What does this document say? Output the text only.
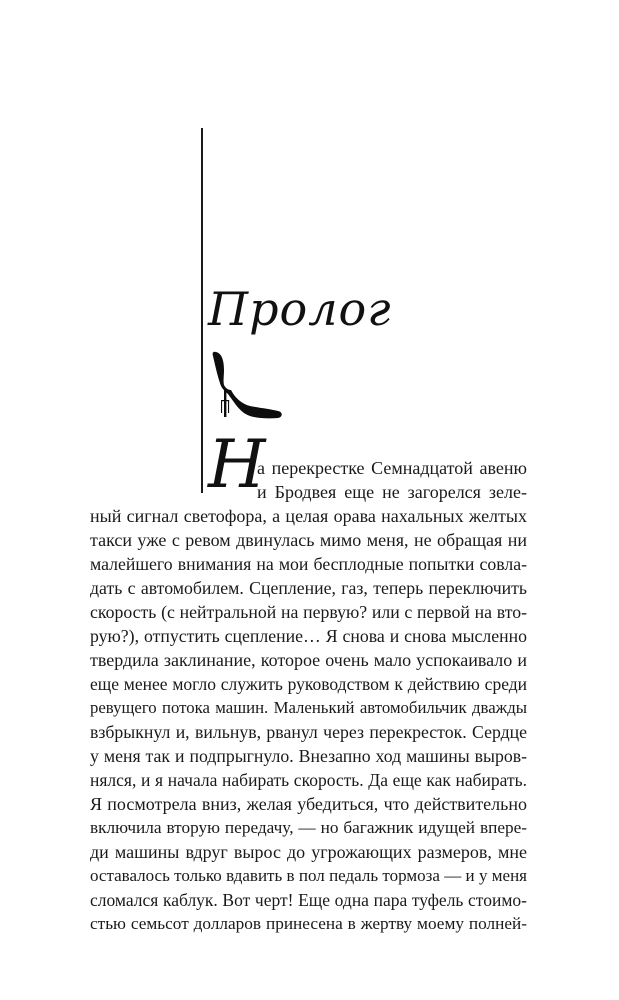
Пролог
Н

а перекрестке Семнадцатой авеню

и Бродвея еще не загорелся зеле-

ный сигнал светофора, а целая орава нахальных желтых

такси уже с ревом двинулась мимо меня, не обращая ни

малейшего внимания на мои бесплодные попытки совла-

дать с автомобилем. Сцепление, газ, теперь переключить

скорость (с нейтральной на первую? или с первой на вто-

рую?), отпустить сцепление… Я снова и снова мысленно

твердила заклинание, которое очень мало успокаивало и

еще менее могло служить руководством к действию среди

ревущего потока машин. Маленький автомобильчик дважды

взбрыкнул и, вильнув, рванул через перекресток. Сердце

у меня так и подпрыгнуло. Внезапно ход машины выров-

нялся, и я начала набирать скорость. Да еще как набирать.

Я посмотрела вниз, желая убедиться, что действительно

включила вторую передачу, — но багажник идущей впере-

ди машины вдруг вырос до угрожающих размеров, мне

оставалось только вдавить в пол педаль тормоза — и у меня

сломался каблук. Вот черт! Еще одна пара туфель стоимо-

стью семьсот долларов принесена в жертву моему полней-
